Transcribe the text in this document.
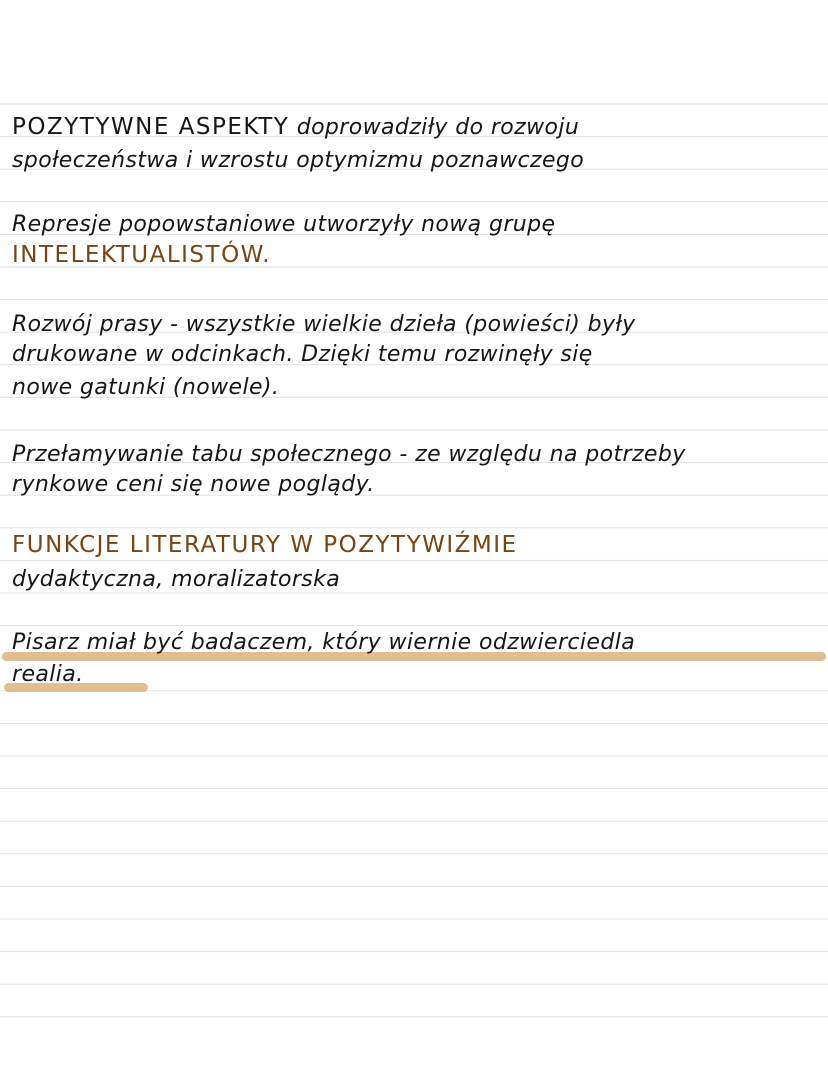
POZYTYWNE ASPEKTY doprowadziły do rozwoju

społeczeństwa i wzrostu optymizmu poznawczego

Represje popowstaniowe utworzyły nową grupę

INTELEKTUALISTÓW.

Rozwój prasy - wszystkie wielkie dzieła (powieści) były

drukowane w odcinkach. Dzięki temu rozwinęły się

nowe gatunki (nowele).

Przełamywanie tabu społecznego - ze względu na potrzeby

rynkowe ceni się nowe poglądy.

FUNKCJE LITERATURY W POZYTYWIŹMIE

dydaktyczna, moralizatorska

Pisarz miał być badaczem, który wiernie odzwierciedla

realia.
